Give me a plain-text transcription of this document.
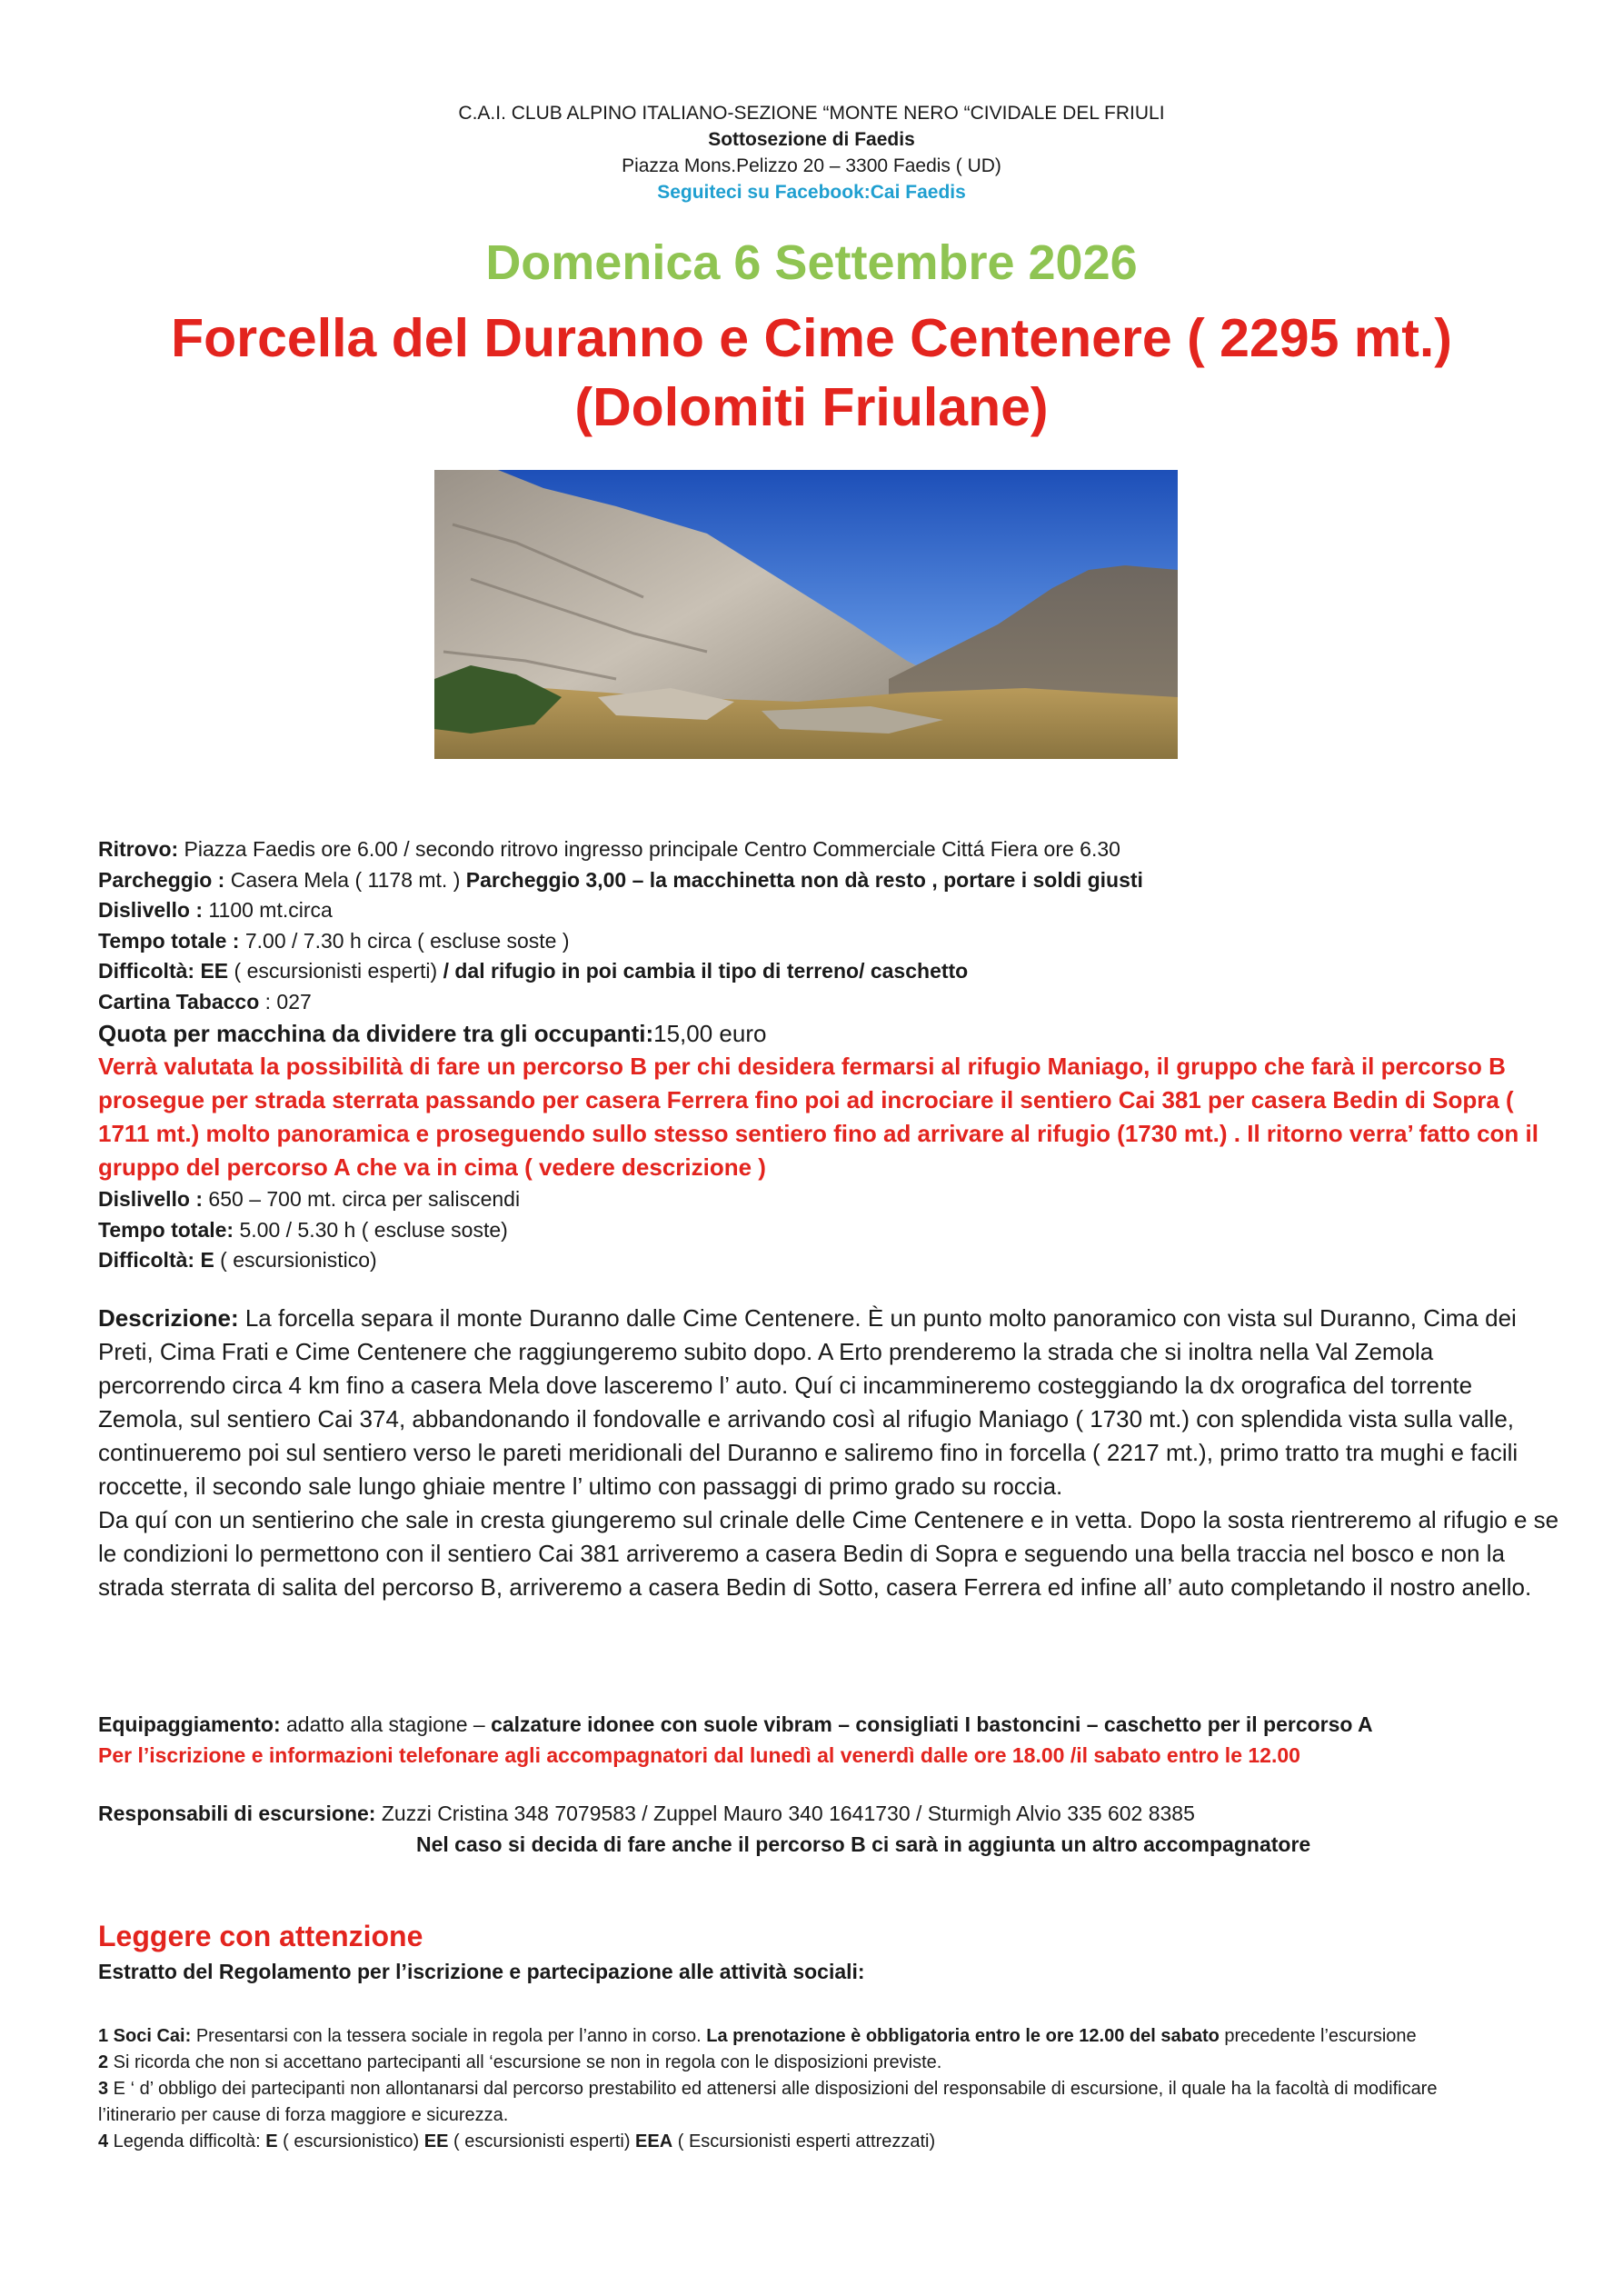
C.A.I. CLUB ALPINO ITALIANO-SEZIONE “MONTE NERO “CIVIDALE DEL FRIULI
Sottosezione di Faedis
Piazza Mons.Pelizzo 20 – 3300 Faedis ( UD)
Seguiteci su Facebook:Cai Faedis
Domenica 6 Settembre 2026
Forcella del Duranno e Cime Centenere ( 2295 mt.)
(Dolomiti Friulane)

Ritrovo: Piazza Faedis ore 6.00 / secondo ritrovo ingresso principale Centro Commerciale Cittá Fiera ore 6.30

Parcheggio : Casera Mela ( 1178 mt. ) Parcheggio 3,00 – la macchinetta non dà resto , portare i soldi giusti

Dislivello : 1100 mt.circa

Tempo totale : 7.00 / 7.30 h circa ( escluse soste )

Difficoltà: EE ( escursionisti esperti) / dal rifugio in poi cambia il tipo di terreno/ caschetto

Cartina Tabacco : 027

Quota per macchina da dividere tra gli occupanti:15,00 euro

Verrà valutata la possibilità di fare un percorso B per chi desidera fermarsi al rifugio Maniago, il gruppo che farà il percorso B prosegue per strada sterrata passando per casera Ferrera fino poi ad incrociare il sentiero Cai 381 per casera Bedin di Sopra ( 1711 mt.) molto panoramica e proseguendo sullo stesso sentiero fino ad arrivare al rifugio (1730 mt.) . Il ritorno verra’ fatto con il gruppo del percorso A che va in cima ( vedere descrizione )

Dislivello : 650 – 700 mt. circa per saliscendi

Tempo totale: 5.00 / 5.30 h ( escluse soste)

Difficoltà: E ( escursionistico)

Descrizione: La forcella separa il monte Duranno dalle Cime Centenere. È un punto molto panoramico con vista sul Duranno, Cima dei Preti, Cima Frati e Cime Centenere che raggiungeremo subito dopo. A Erto prenderemo la strada che si inoltra nella Val Zemola percorrendo circa 4 km fino a casera Mela dove lasceremo l’ auto. Quí ci incammineremo costeggiando la dx orografica del torrente Zemola, sul sentiero Cai 374, abbandonando il fondovalle e arrivando così al rifugio Maniago ( 1730 mt.) con splendida vista sulla valle, continueremo poi sul sentiero verso le pareti meridionali del Duranno e saliremo fino in forcella ( 2217 mt.), primo tratto tra mughi e facili roccette, il secondo sale lungo ghiaie mentre l’ ultimo con passaggi di primo grado su roccia.

Da quí con un sentierino che sale in cresta giungeremo sul crinale delle Cime Centenere e in vetta. Dopo la sosta rientreremo al rifugio e se le condizioni lo permettono con il sentiero Cai 381 arriveremo a casera Bedin di Sopra e seguendo una bella traccia nel bosco e non la strada sterrata di salita del percorso B, arriveremo a casera Bedin di Sotto, casera Ferrera ed infine all’ auto completando il nostro anello.

Equipaggiamento: adatto alla stagione – calzature idonee con suole vibram – consigliati I bastoncini – caschetto per il percorso A

Per l’iscrizione e informazioni telefonare agli accompagnatori dal lunedì al venerdì dalle ore 18.00 /il sabato entro le 12.00

Responsabili di escursione: Zuzzi Cristina 348 7079583 / Zuppel Mauro 340 1641730 / Sturmigh Alvio 335 602 8385

Nel caso si decida di fare anche il percorso B ci sarà in aggiunta un altro accompagnatore

Leggere con attenzione
Estratto del Regolamento per l’iscrizione e partecipazione alle attività sociali:

1 Soci Cai: Presentarsi con la tessera sociale in regola per l’anno in corso. La prenotazione è obbligatoria entro le ore 12.00 del sabato precedente l’escursione

2 Si ricorda che non si accettano partecipanti all ‘escursione se non in regola con le disposizioni previste.

3 E ‘ d’ obbligo dei partecipanti non allontanarsi dal percorso prestabilito ed attenersi alle disposizioni del responsabile di escursione, il quale ha la facoltà di modificare l’itinerario per cause di forza maggiore e sicurezza.

4 Legenda difficoltà: E ( escursionistico) EE ( escursionisti esperti) EEA ( Escursionisti esperti attrezzati)
